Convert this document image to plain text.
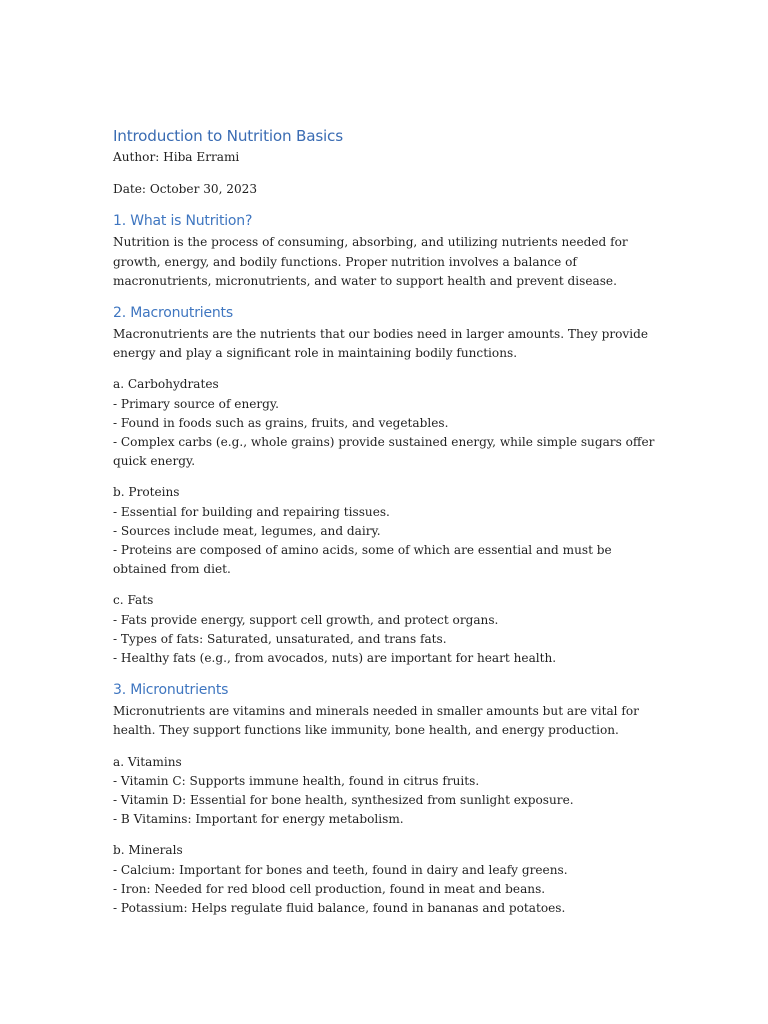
Introduction to Nutrition Basics

Author: Hiba Errami

Date: October 30, 2023

1. What is Nutrition?

Nutrition is the process of consuming, absorbing, and utilizing nutrients needed for growth, energy, and bodily functions. Proper nutrition involves a balance of macronutrients, micronutrients, and water to support health and prevent disease.

2. Macronutrients

Macronutrients are the nutrients that our bodies need in larger amounts. They provide energy and play a significant role in maintaining bodily functions.

a. Carbohydrates
- Primary source of energy.
- Found in foods such as grains, fruits, and vegetables.
- Complex carbs (e.g., whole grains) provide sustained energy, while simple sugars offer quick energy.
b. Proteins
- Essential for building and repairing tissues.
- Sources include meat, legumes, and dairy.
- Proteins are composed of amino acids, some of which are essential and must be obtained from diet.
c. Fats
- Fats provide energy, support cell growth, and protect organs.
- Types of fats: Saturated, unsaturated, and trans fats.
- Healthy fats (e.g., from avocados, nuts) are important for heart health.
3. Micronutrients

Micronutrients are vitamins and minerals needed in smaller amounts but are vital for health. They support functions like immunity, bone health, and energy production.

a. Vitamins
- Vitamin C: Supports immune health, found in citrus fruits.
- Vitamin D: Essential for bone health, synthesized from sunlight exposure.
- B Vitamins: Important for energy metabolism.
b. Minerals
- Calcium: Important for bones and teeth, found in dairy and leafy greens.
- Iron: Needed for red blood cell production, found in meat and beans.
- Potassium: Helps regulate fluid balance, found in bananas and potatoes.
